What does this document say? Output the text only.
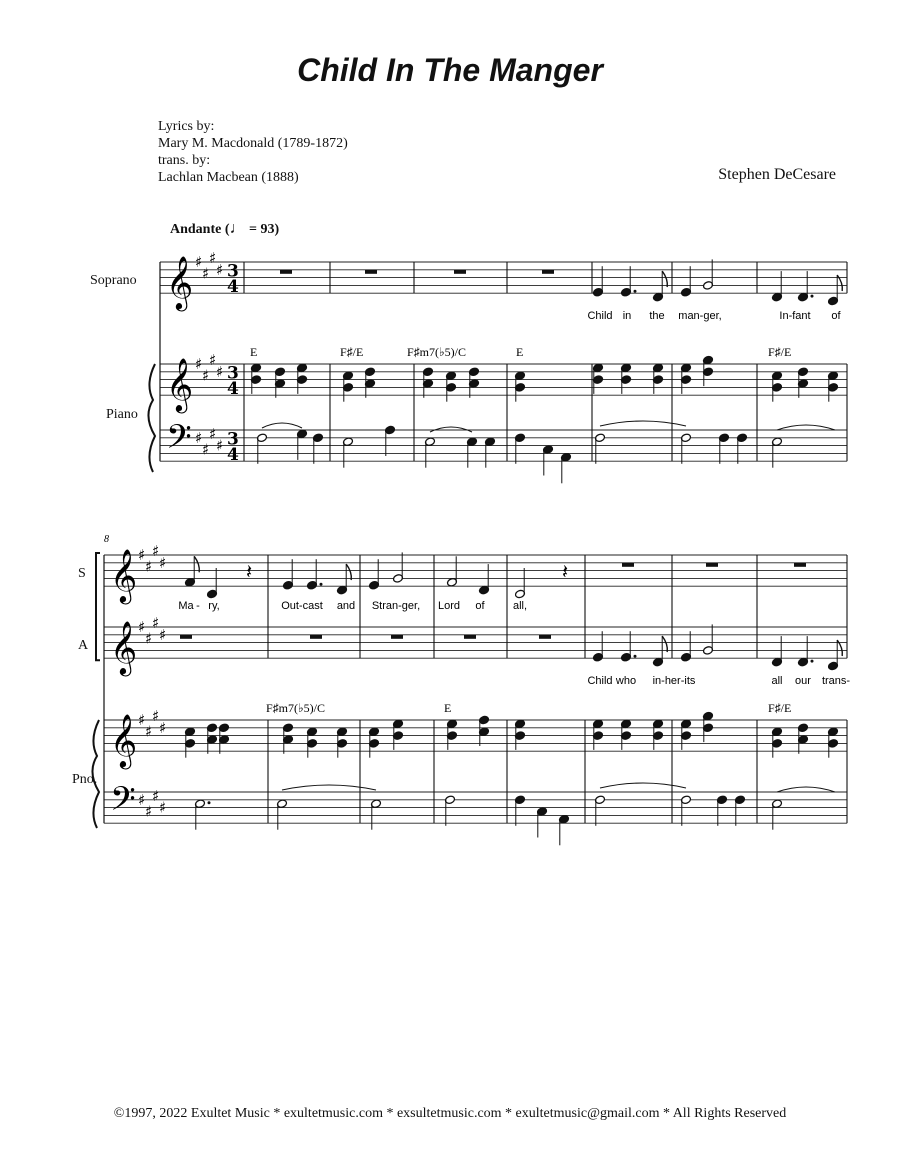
Child In The Manger
Lyrics by:
Mary M. Macdonald (1789-1872)
trans. by:
Lachlan Macbean (1888)	Stephen DeCesare
Andante (♩ = 93)
Soprano
Piano
S
A
Pno.
𝄞
𝄞
𝄢
𝄞
𝄞
𝄞
𝄢
♯
♯
♯
♯
♯
♯
♯
♯
♯
♯
♯
♯
♯
♯
♯
♯
♯
♯
♯
♯
♯
♯
♯
♯
♯
♯
♯
♯
3
4
3
4
3
4
𝄽	𝄽
E	F♯/E	F♯m7(♭5)/C	E	F♯/E
F♯m7(♭5)/C	E	F♯/E
Child in the man-ger,	In-fant of
Ma - ry,	Out-cast and Stran-ger, Lord of	all,
Child who in-her-its	all our trans-
8
©1997, 2022 Exultet Music * exultetmusic.com * exsultetmusic.com * exultetmusic@gmail.com * All Rights Reserved
